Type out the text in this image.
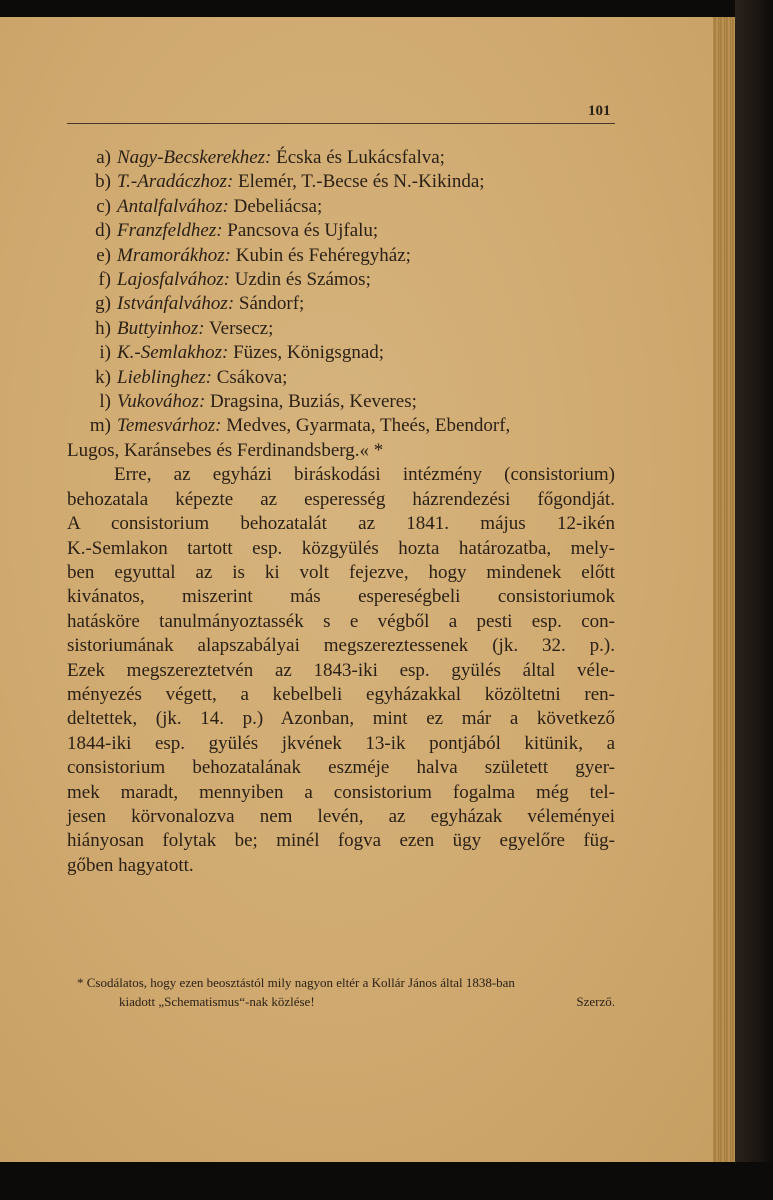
101
a) Nagy-Becskerekhez: Écska és Lukácsfalva;
b) T.-Aradáczhoz: Elemér, T.-Becse és N.-Kikinda;
c) Antalfalvához: Debeliácsa;
d) Franzfeldhez: Pancsova és Ujfalu;
e) Mramorákhoz: Kubin és Fehéregyház;
f) Lajosfalvához: Uzdin és Számos;
g) Istvánfalvához: Sándorf;
h) Buttyinhoz: Versecz;
i) K.-Semlakhoz: Füzes, Königsgnad;
k) Lieblinghez: Csákova;
l) Vukovához: Dragsina, Buziás, Keveres;
m) Temesvárhoz: Medves, Gyarmata, Theés, Ebendorf,
Lugos, Karánsebes és Ferdinandsberg.« *
Erre, az egyházi biráskodási intézmény (consistorium)
behozatala képezte az esperesség házrendezési főgondját.
A consistorium behozatalát az 1841. május 12-ikén
K.-Semlakon tartott esp. közgyülés hozta határozatba, mely-
ben egyuttal az is ki volt fejezve, hogy mindenek előtt
kivánatos, miszerint más espereségbeli consistoriumok
hatásköre tanulmányoztassék s e végből a pesti esp. con-
sistoriumának alapszabályai megszereztessenek (jk. 32. p.).
Ezek megszereztetvén az 1843-iki esp. gyülés által véle-
ményezés végett, a kebelbeli egyházakkal közöltetni ren-
deltettek, (jk. 14. p.) Azonban, mint ez már a következő
1844-iki esp. gyülés jkvének 13-ik pontjából kitünik, a
consistorium behozatalának eszméje halva született gyer-
mek maradt, mennyiben a consistorium fogalma még tel-
jesen körvonalozva nem levén, az egyházak véleményei
hiányosan folytak be; minél fogva ezen ügy egyelőre füg-
gőben hagyatott.
* Csodálatos, hogy ezen beosztástól mily nagyon eltér a Kollár János által 1838-ban
kiadott „Schematismus“-nak közlése!	Szerző.
